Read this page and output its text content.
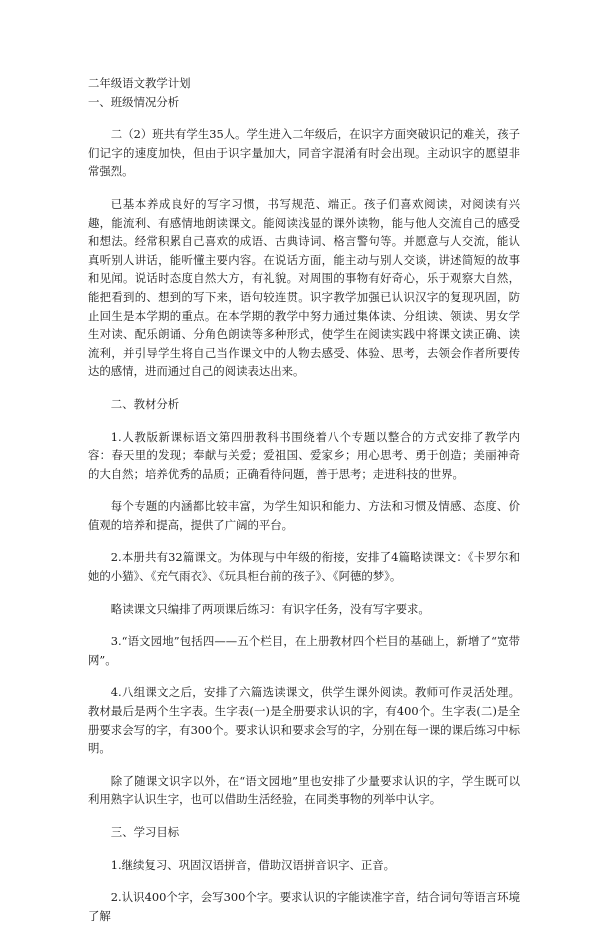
二年级语文教学计划

一、班级情况分析

二（2）班共有学生35人。学生进入二年级后，在识字方面突破识记的难关，孩子们记字的速度加快，但由于识字量加大，同音字混淆有时会出现。主动识字的愿望非常强烈。

已基本养成良好的写字习惯，书写规范、端正。孩子们喜欢阅读，对阅读有兴趣，能流利、有感情地朗读课文。能阅读浅显的课外读物，能与他人交流自己的感受和想法。经常积累自己喜欢的成语、古典诗词、格言警句等。并愿意与人交流，能认真听别人讲话，能听懂主要内容。在说话方面，能主动与别人交谈，讲述简短的故事和见闻。说话时态度自然大方，有礼貌。对周围的事物有好奇心，乐于观察大自然，能把看到的、想到的写下来，语句较连贯。识字教学加强已认识汉字的复现巩固，防止回生是本学期的重点。在本学期的教学中努力通过集体读、分组读、领读、男女学生对读、配乐朗诵、分角色朗读等多种形式，使学生在阅读实践中将课文读正确、读流利，并引导学生将自己当作课文中的人物去感受、体验、思考，去领会作者所要传达的感情，进而通过自己的阅读表达出来。

二、教材分析

1.人教版新课标语文第四册教科书围绕着八个专题以整合的方式安排了教学内容：春天里的发现；奉献与关爱；爱祖国、爱家乡；用心思考、勇于创造；美丽神奇的大自然；培养优秀的品质；正确看待问题，善于思考；走进科技的世界。

每个专题的内涵都比较丰富，为学生知识和能力、方法和习惯及情感、态度、价值观的培养和提高，提供了广阔的平台。

2.本册共有32篇课文。为体现与中年级的衔接，安排了4篇略读课文：《卡罗尔和她的小猫》、《充气雨衣》、《玩具柜台前的孩子》、《阿德的梦》。

略读课文只编排了两项课后练习：有识字任务，没有写字要求。

3.“语文园地”包括四——五个栏目，在上册教材四个栏目的基础上，新增了“宽带网”。

4.八组课文之后，安排了六篇选读课文，供学生课外阅读。教师可作灵活处理。教材最后是两个生字表。生字表(一)是全册要求认识的字，有400个。生字表(二)是全册要求会写的字，有300个。要求认识和要求会写的字，分别在每一课的课后练习中标明。

除了随课文识字以外，在“语文园地”里也安排了少量要求认识的字，学生既可以利用熟字认识生字，也可以借助生活经验，在同类事物的列举中认字。

三、学习目标

1.继续复习、巩固汉语拼音，借助汉语拼音识字、正音。

2.认识400个字，会写300个字。要求认识的字能读准字音，结合词句等语言环境了解
